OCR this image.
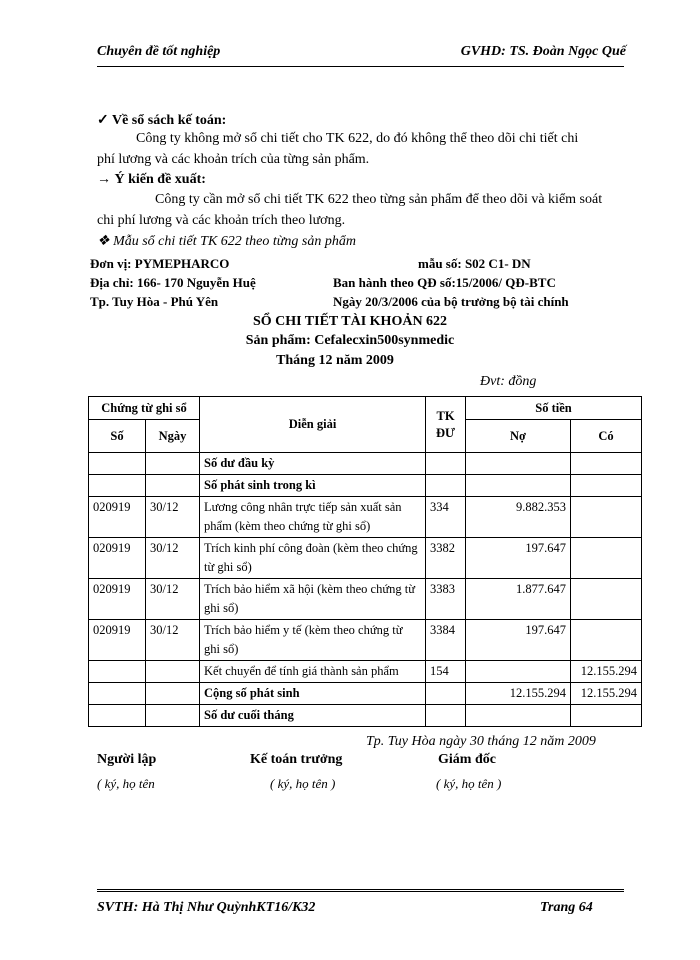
Chuyên đề tốt nghiệp	GVHD: TS. Đoàn Ngọc Quế
✓ Về sổ sách kế toán:
Công ty không mở sổ chi tiết cho TK 622, do đó không thể theo dõi chi tiết chi
phí lương và các khoản trích của từng sản phẩm.
→ Ý kiến đề xuất:
Công ty cần mở sổ chi tiết TK 622 theo từng sản phẩm để theo dõi và kiểm soát
chi phí lương và các khoản trích theo lương.
❖ Mẫu sổ chi tiết TK 622 theo từng sản phẩm
Đơn vị: PYMEPHARCO	mẫu số: S02 C1- DN
Địa chỉ: 166- 170 Nguyễn Huệ	Ban hành theo QĐ số:15/2006/ QĐ-BTC
Tp. Tuy Hòa - Phú Yên	Ngày 20/3/2006 của bộ trưởng bộ tài chính
SỔ CHI TIẾT TÀI KHOẢN 622
Sản phẩm: Cefalecxin500synmedic
Tháng 12 năm 2009
Đvt: đồng
Chứng từ ghi sổ		Diễn giải	TK ĐƯ	Số tiền	
Số	Ngày			Nợ	Có
		Số dư đầu kỳ			
		Số phát sinh trong kì			
020919	30/12	Lương công nhân trực tiếp sản xuất sản phẩm (kèm theo chứng từ ghi sổ)	334	9.882.353	
020919	30/12	Trích kinh phí công đoàn (kèm theo chứng từ ghi sổ)	3382	197.647	
020919	30/12	Trích bảo hiểm xã hội (kèm theo chứng từ ghi sổ)	3383	1.877.647	
020919	30/12	Trích bảo hiểm y tế (kèm theo chứng từ ghi sổ)	3384	197.647	
		Kết chuyển để tính giá thành sản phẩm	154		12.155.294
		Cộng số phát sinh		12.155.294	12.155.294
		Số dư cuối tháng			
Tp. Tuy Hòa ngày 30 tháng 12 năm 2009
Người lập	Kế toán trưởng	Giám đốc
( ký, họ tên	( ký, họ tên )	( ký, họ tên )
SVTH: Hà Thị Như QuỳnhKT16/K32	Trang 64
